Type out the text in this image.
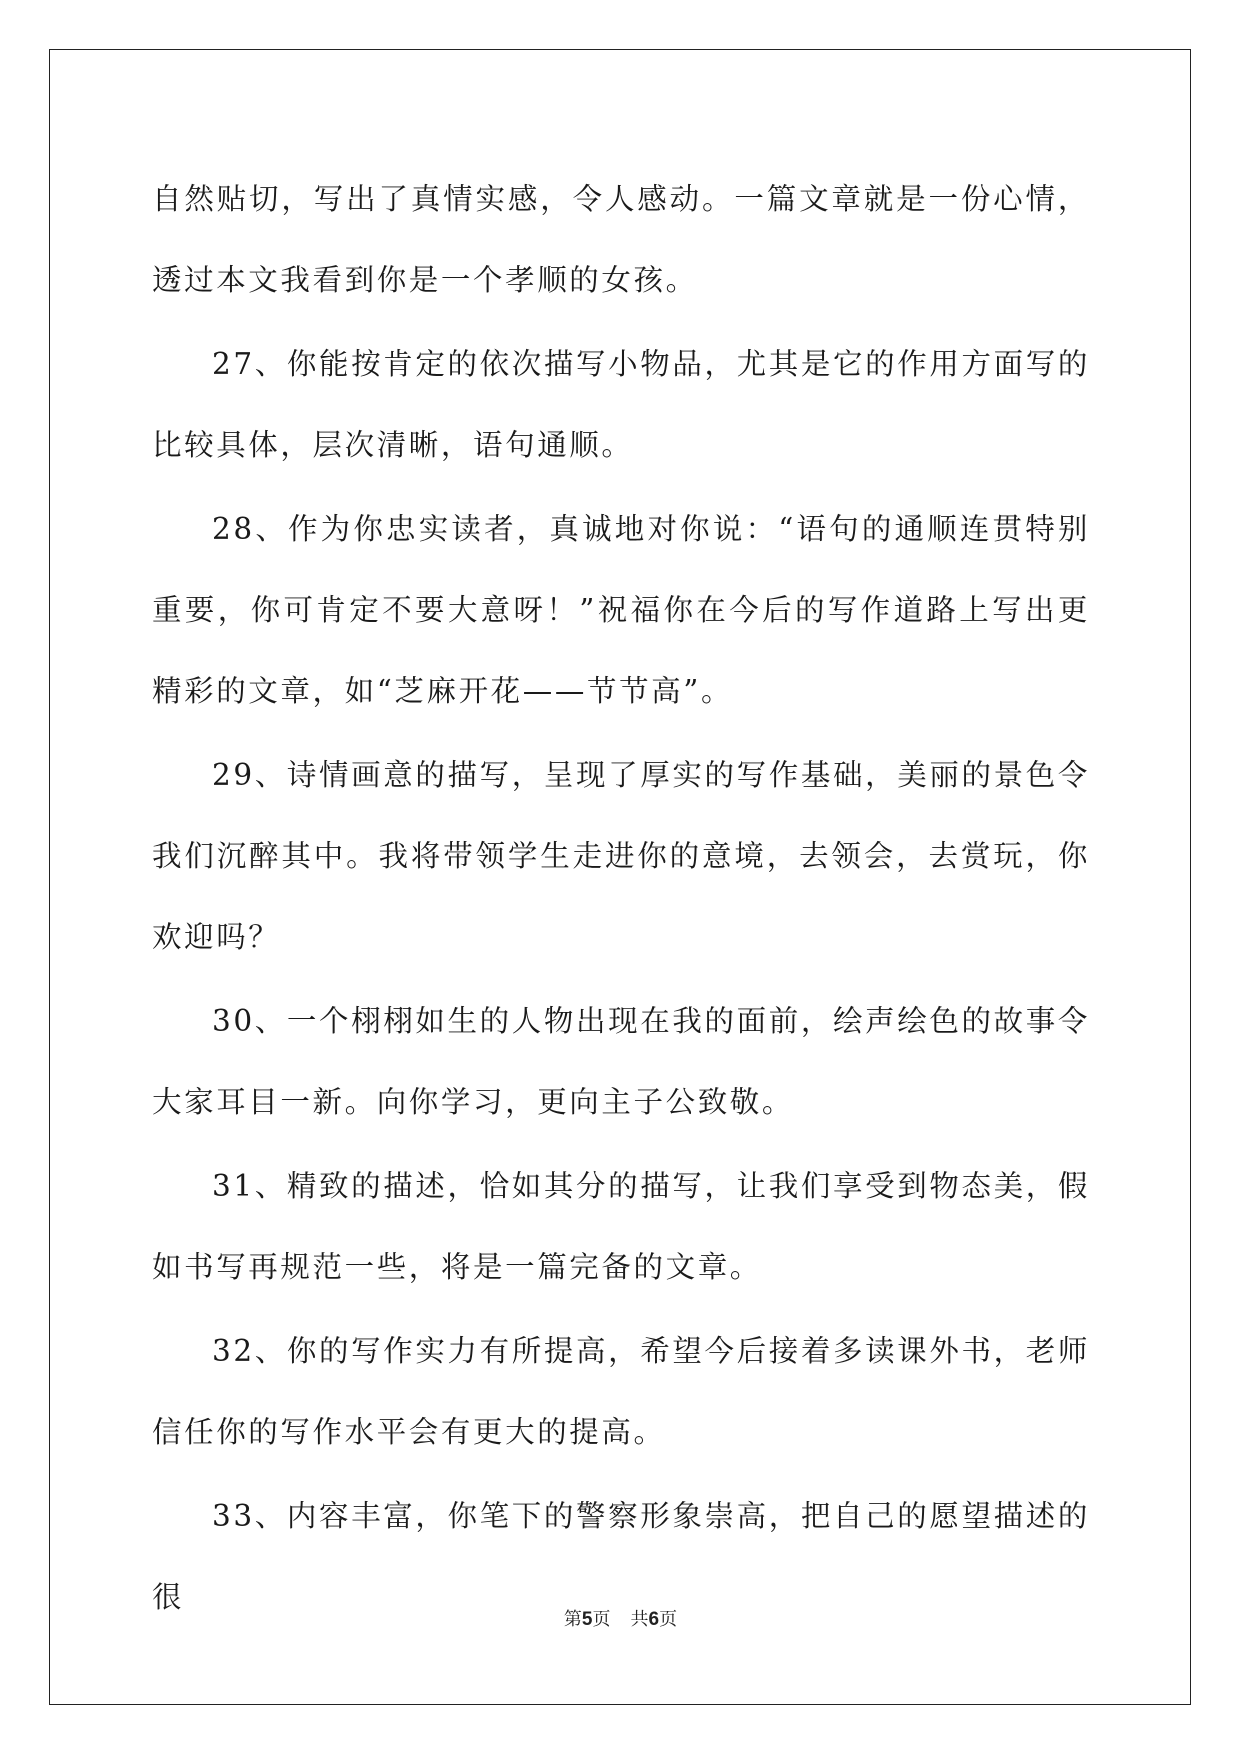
自然贴切，写出了真情实感，令人感动。一篇文章就是一份心情，透过本文我看到你是一个孝顺的女孩。

27、你能按肯定的依次描写小物品，尤其是它的作用方面写的比较具体，层次清晰，语句通顺。

28、作为你忠实读者，真诚地对你说：“语句的通顺连贯特别重要，你可肯定不要大意呀！”祝福你在今后的写作道路上写出更精彩的文章，如“芝麻开花——节节高”。

29、诗情画意的描写，呈现了厚实的写作基础，美丽的景色令我们沉醉其中。我将带领学生走进你的意境，去领会，去赏玩，你欢迎吗？

30、一个栩栩如生的人物出现在我的面前，绘声绘色的故事令大家耳目一新。向你学习，更向主子公致敬。

31、精致的描述，恰如其分的描写，让我们享受到物态美，假如书写再规范一些，将是一篇完备的文章。

32、你的写作实力有所提高，希望今后接着多读课外书，老师信任你的写作水平会有更大的提高。

33、内容丰富，你笔下的警察形象崇高，把自己的愿望描述的很

第5页 共6页
